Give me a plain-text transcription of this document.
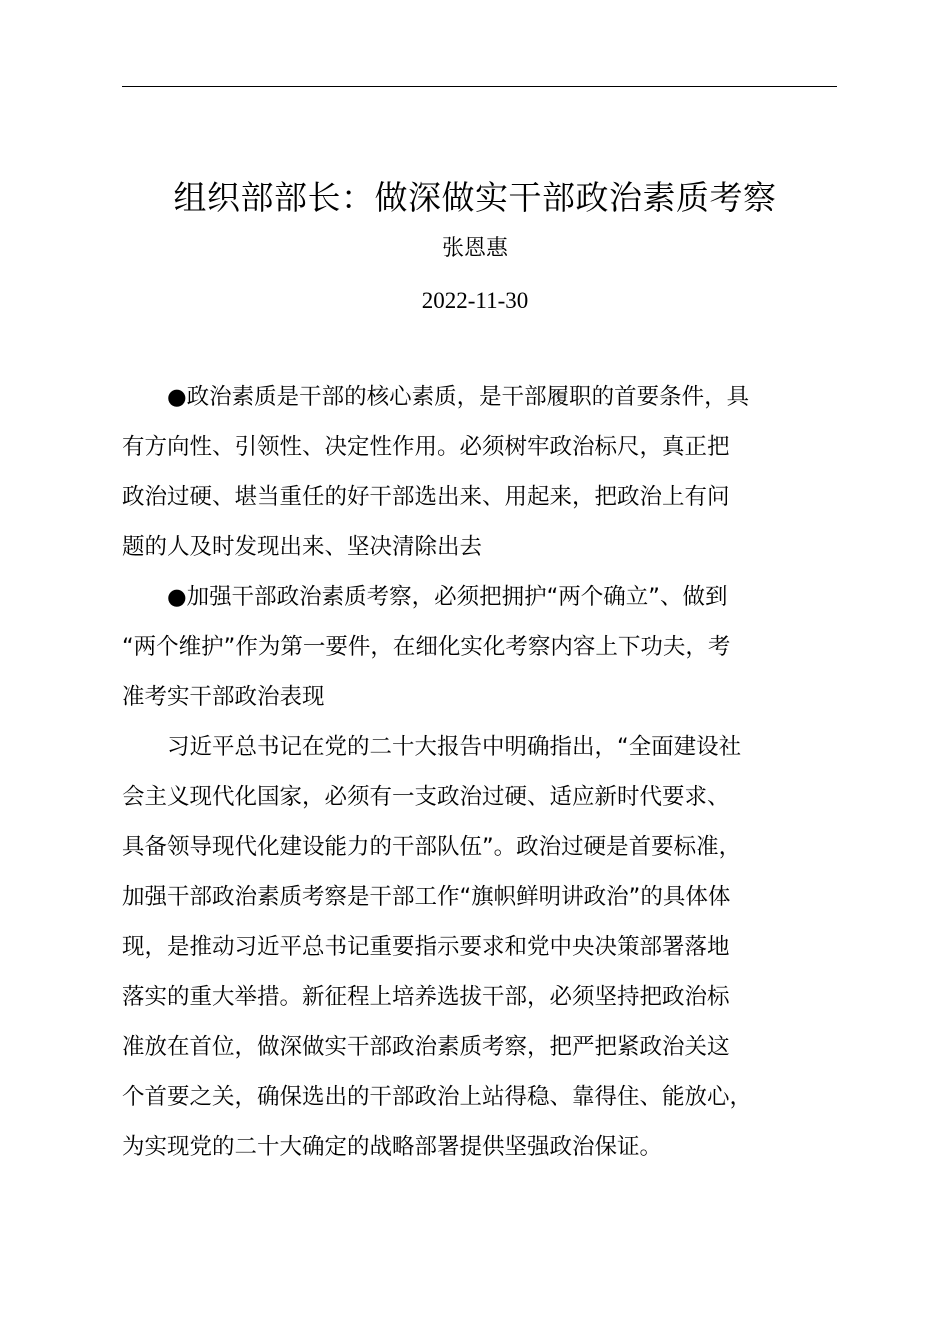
组织部部长：做深做实干部政治素质考察
张恩惠
2022-11-30

　　●政治素质是干部的核心素质，是干部履职的首要条件，具
有方向性、引领性、决定性作用。必须树牢政治标尺，真正把
政治过硬、堪当重任的好干部选出来、用起来，把政治上有问
题的人及时发现出来、坚决清除出去

　　●加强干部政治素质考察，必须把拥护“两个确立”、做到
“两个维护”作为第一要件，在细化实化考察内容上下功夫，考
准考实干部政治表现

　　习近平总书记在党的二十大报告中明确指出，“全面建设社
会主义现代化国家，必须有一支政治过硬、适应新时代要求、
具备领导现代化建设能力的干部队伍”。政治过硬是首要标准，
加强干部政治素质考察是干部工作“旗帜鲜明讲政治”的具体体
现，是推动习近平总书记重要指示要求和党中央决策部署落地
落实的重大举措。新征程上培养选拔干部，必须坚持把政治标
准放在首位，做深做实干部政治素质考察，把严把紧政治关这
个首要之关，确保选出的干部政治上站得稳、靠得住、能放心，
为实现党的二十大确定的战略部署提供坚强政治保证。
